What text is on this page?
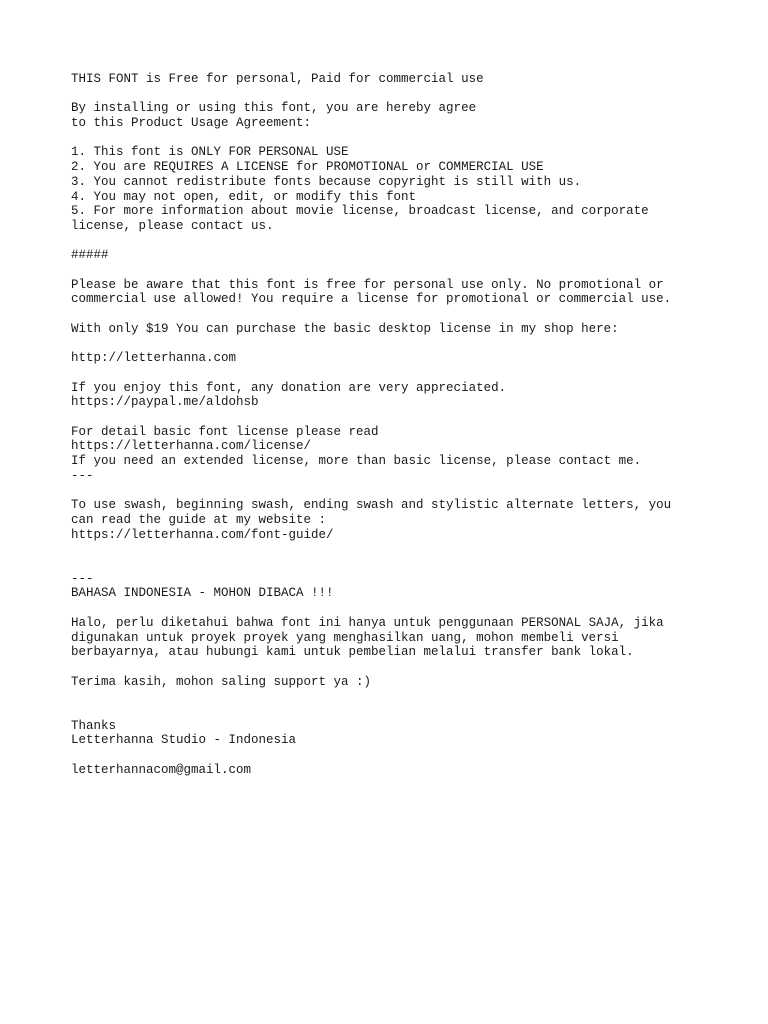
THIS FONT is Free for personal, Paid for commercial use
By installing or using this font, you are hereby agree
to this Product Usage Agreement:
1. This font is ONLY FOR PERSONAL USE
2. You are REQUIRES A LICENSE for PROMOTIONAL or COMMERCIAL USE
3. You cannot redistribute fonts because copyright is still with us.
4. You may not open, edit, or modify this font
5. For more information about movie license, broadcast license, and corporate
license, please contact us.
#####
Please be aware that this font is free for personal use only. No promotional or
commercial use allowed! You require a license for promotional or commercial use.
With only $19 You can purchase the basic desktop license in my shop here:
http://letterhanna.com
If you enjoy this font, any donation are very appreciated.
https://paypal.me/aldohsb
For detail basic font license please read
https://letterhanna.com/license/
If you need an extended license, more than basic license, please contact me.
---
To use swash, beginning swash, ending swash and stylistic alternate letters, you
can read the guide at my website :
https://letterhanna.com/font-guide/
---
BAHASA INDONESIA - MOHON DIBACA !!!
Halo, perlu diketahui bahwa font ini hanya untuk penggunaan PERSONAL SAJA, jika
digunakan untuk proyek proyek yang menghasilkan uang, mohon membeli versi
berbayarnya, atau hubungi kami untuk pembelian melalui transfer bank lokal.
Terima kasih, mohon saling support ya :)
Thanks
Letterhanna Studio - Indonesia
letterhannacom@gmail.com
